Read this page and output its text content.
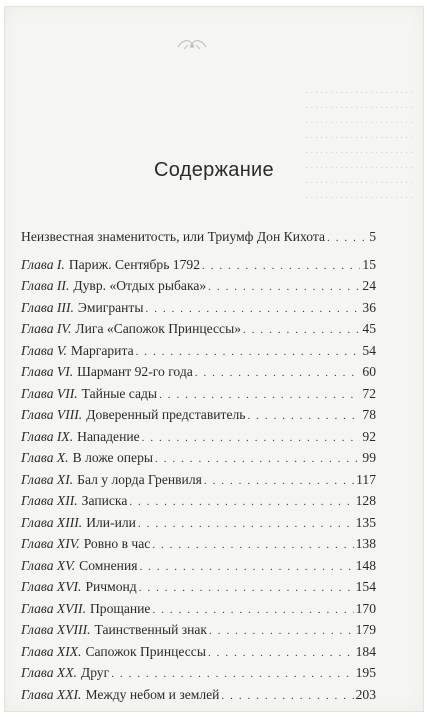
. . . . . . . . . . . . . . . . . . . . . .
. . . . . . . . . . . . . . . . . . . . . .
. . . . . . . . . . . . . . . . . . . . . .
. . . . . . . . . . . . . . . . . . . . . .
. . . . . . . . . . . . . . . . . . . . . .
. . . . . . . . . . . . . . . . . . . . . .
. . . . . . . . . . . . . . . . . . . . . .
. . . . . . . . . . . . . . . . . . . . . .
Содержание
Неизвестная знаменитость, или Триумф Дон Кихота . . .	5
Глава I. Париж. Сентябрь 1792 . . .	15
Глава II. Дувр. «Отдых рыбака» . . .	24
Глава III. Эмигранты . . .	36
Глава IV. Лига «Сапожок Принцессы» . . .	45
Глава V. Маргарита . . .	54
Глава VI. Шармант 92-го года . . .	60
Глава VII. Тайные сады . . .	72
Глава VIII. Доверенный представитель . . .	78
Глава IX. Нападение . . .	92
Глава X. В ложе оперы . . .	99
Глава XI. Бал у лорда Гренвиля . . .	117
Глава XII. Записка . . .	128
Глава XIII. Или-или . . .	135
Глава XIV. Ровно в час . . .	138
Глава XV. Сомнения . . .	148
Глава XVI. Ричмонд . . .	154
Глава XVII. Прощание . . .	170
Глава XVIII. Таинственный знак . . .	179
Глава XIX. Сапожок Принцессы . . .	184
Глава XX. Друг . . .	195
Глава XXI. Между небом и землей . . .	203
